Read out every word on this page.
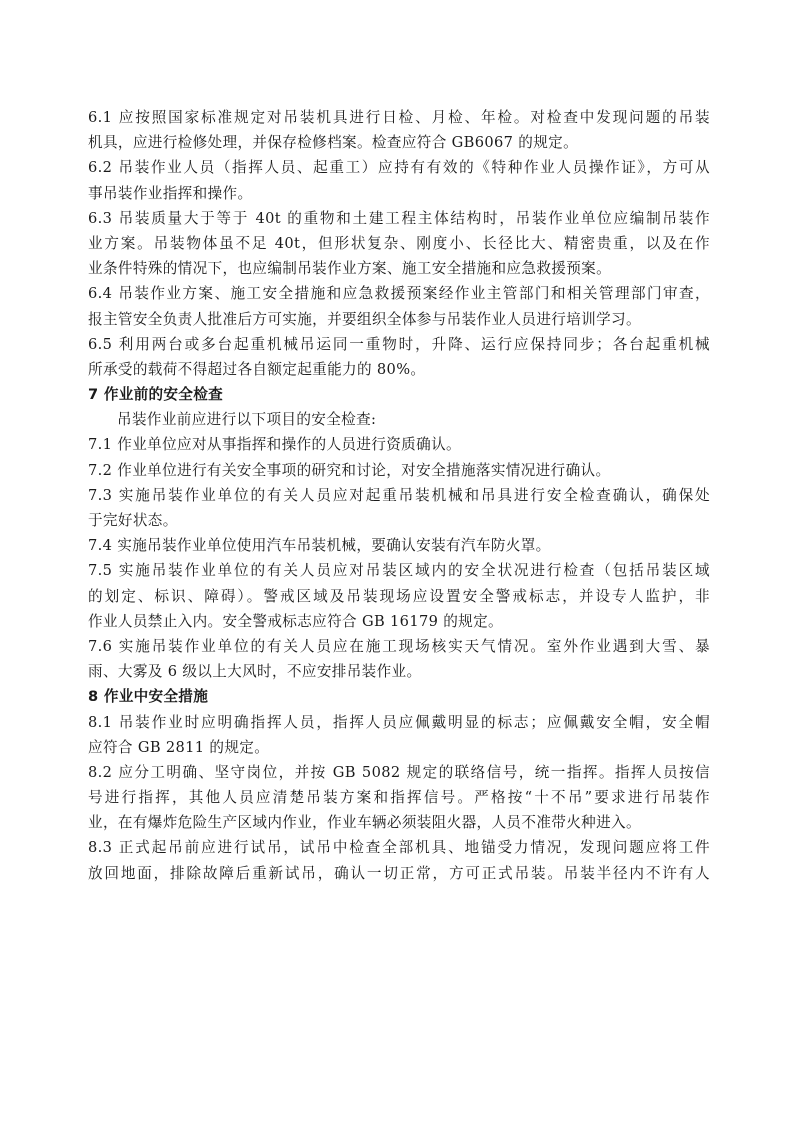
6.1 应按照国家标准规定对吊装机具进行日检、月检、年检。对检查中发现问题的吊装
机具，应进行检修处理，并保存检修档案。检查应符合 GB6067 的规定。
6.2 吊装作业人员（指挥人员、起重工）应持有有效的《特种作业人员操作证》，方可从
事吊装作业指挥和操作。
6.3 吊装质量大于等于 40t 的重物和土建工程主体结构时，吊装作业单位应编制吊装作
业方案。吊装物体虽不足 40t，但形状复杂、刚度小、长径比大、精密贵重，以及在作
业条件特殊的情况下，也应编制吊装作业方案、施工安全措施和应急救援预案。
6.4 吊装作业方案、施工安全措施和应急救援预案经作业主管部门和相关管理部门审查，
报主管安全负责人批准后方可实施，并要组织全体参与吊装作业人员进行培训学习。
6.5 利用两台或多台起重机械吊运同一重物时，升降、运行应保持同步；各台起重机械
所承受的载荷不得超过各自额定起重能力的 80%。
7 作业前的安全检查
吊装作业前应进行以下项目的安全检查:
7.1 作业单位应对从事指挥和操作的人员进行资质确认。
7.2 作业单位进行有关安全事项的研究和讨论，对安全措施落实情况进行确认。
7.3 实施吊装作业单位的有关人员应对起重吊装机械和吊具进行安全检查确认，确保处
于完好状态。
7.4 实施吊装作业单位使用汽车吊装机械，要确认安装有汽车防火罩。
7.5 实施吊装作业单位的有关人员应对吊装区域内的安全状况进行检查（包括吊装区域
的划定、标识、障碍）。警戒区域及吊装现场应设置安全警戒标志，并设专人监护，非
作业人员禁止入内。安全警戒标志应符合 GB 16179 的规定。
7.6 实施吊装作业单位的有关人员应在施工现场核实天气情况。室外作业遇到大雪、暴
雨、大雾及 6 级以上大风时，不应安排吊装作业。
8 作业中安全措施
8.1 吊装作业时应明确指挥人员，指挥人员应佩戴明显的标志；应佩戴安全帽，安全帽
应符合 GB 2811 的规定。
8.2 应分工明确、坚守岗位，并按 GB 5082 规定的联络信号，统一指挥。指挥人员按信
号进行指挥，其他人员应清楚吊装方案和指挥信号。严格按“十不吊”要求进行吊装作
业，在有爆炸危险生产区域内作业，作业车辆必须装阻火器，人员不准带火种进入。
8.3 正式起吊前应进行试吊，试吊中检查全部机具、地锚受力情况，发现问题应将工件
放回地面，排除故障后重新试吊，确认一切正常，方可正式吊装。吊装半径内不许有人
